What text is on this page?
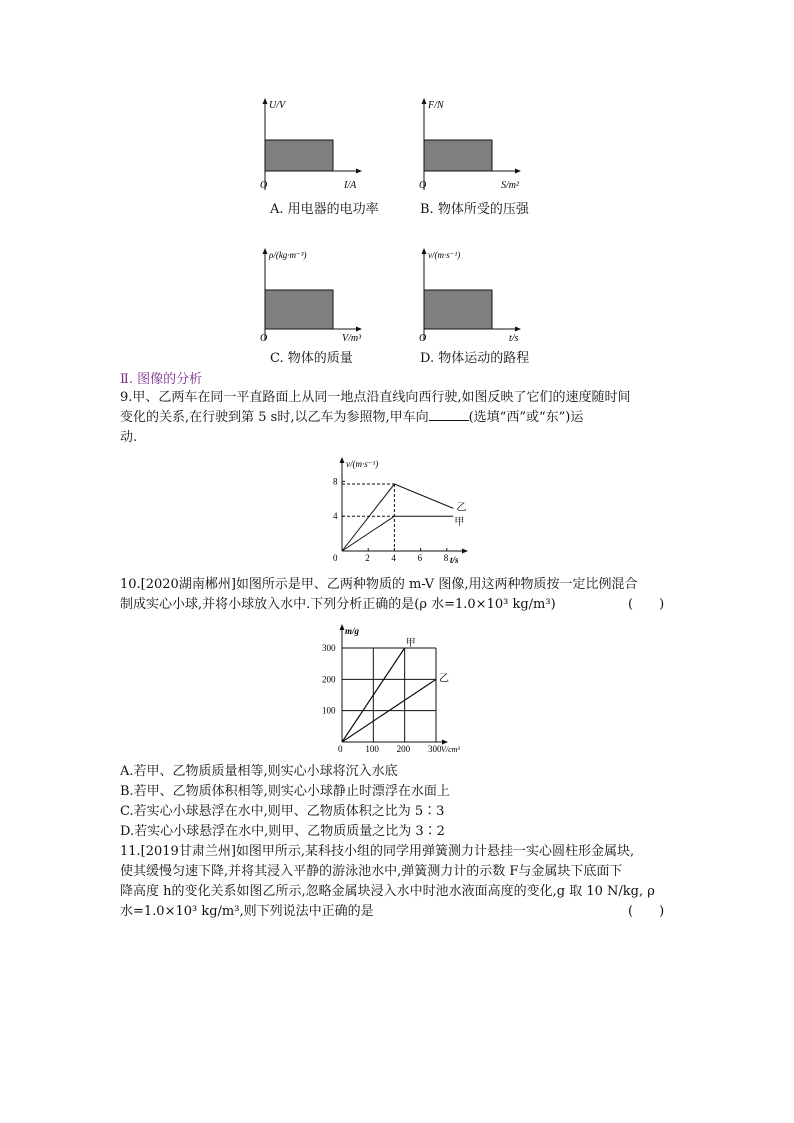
U/V
O	I/A
A. 用电器的电功率
F/N
O	S/m²
B. 物体所受的压强
ρ/(kg·m⁻³)
O	V/m³
C. 物体的质量
v/(m·s⁻¹)
O	t/s
D. 物体运动的路程
Ⅱ. 图像的分析
9.甲、乙两车在同一平直路面上从同一地点沿直线向西行驶,如图反映了它们的速度随时间
变化的关系,在行驶到第 5 s时,以乙车为参照物,甲车向	(选填“西”或“东”)运
动.
v/(m·s⁻¹)
t/s
0	2 4 6 8
4
8
乙
甲
10.[2020湖南郴州]如图所示是甲、乙两种物质的 m-V 图像,用这两种物质按一定比例混合
制成实心小球,并将小球放入水中.下列分析正确的是(ρ 水=1.0×10³ kg/m³)	(　　)
m/g
V/cm³
0	100 200 300
100
200
300	甲
乙
A.若甲、乙物质质量相等,则实心小球将沉入水底
B.若甲、乙物质体积相等,则实心小球静止时漂浮在水面上
C.若实心小球悬浮在水中,则甲、乙物质体积之比为 5∶3
D.若实心小球悬浮在水中,则甲、乙物质质量之比为 3∶2
11.[2019甘肃兰州]如图甲所示,某科技小组的同学用弹簧测力计悬挂一实心圆柱形金属块,
使其缓慢匀速下降,并将其浸入平静的游泳池水中,弹簧测力计的示数 F与金属块下底面下
降高度 h的变化关系如图乙所示,忽略金属块浸入水中时池水液面高度的变化,g 取 10 N/kg, ρ
水=1.0×10³ kg/m³,则下列说法中正确的是	(　　)
